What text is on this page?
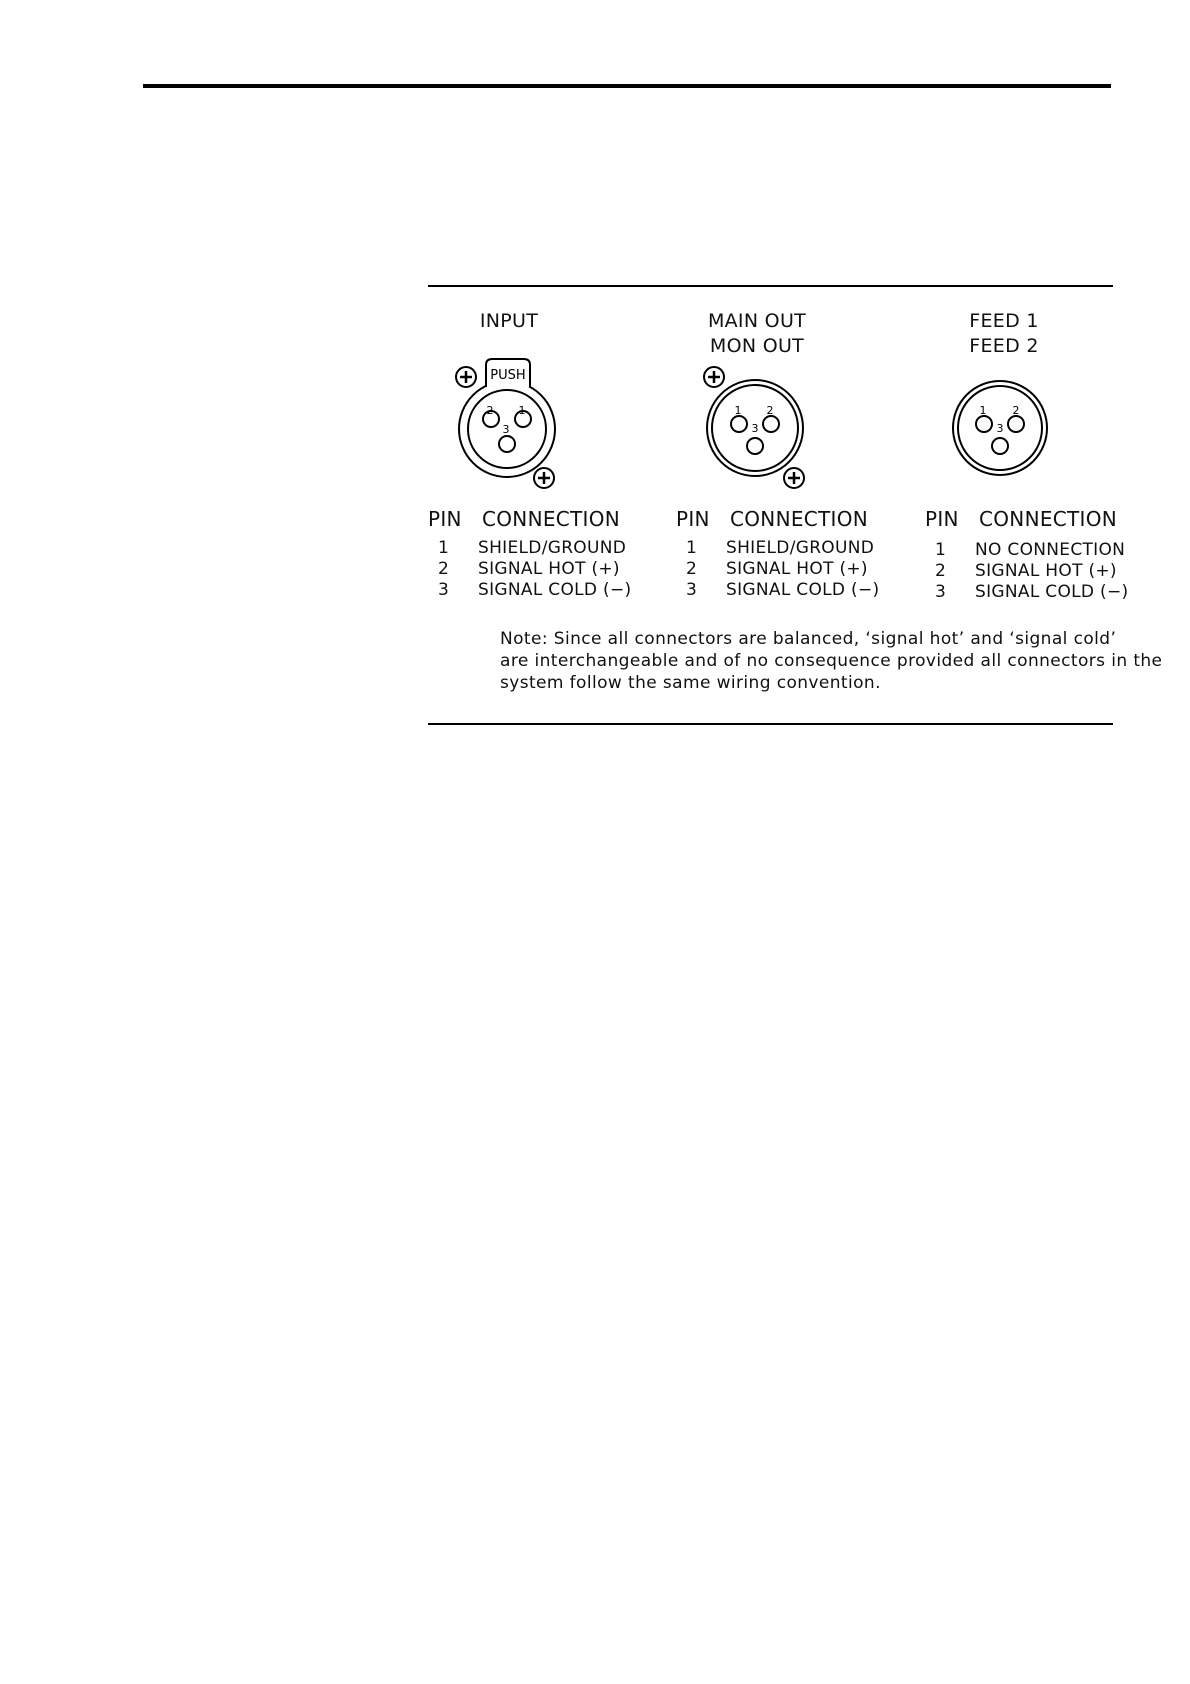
INPUT
PUSH
2 1
3
PIN CONNECTION
1 SHIELD/GROUND
2 SIGNAL HOT (+)
3 SIGNAL COLD (−)
MAIN OUT
MON OUT
1 2
3
PIN CONNECTION
1 SHIELD/GROUND
2 SIGNAL HOT (+)
3 SIGNAL COLD (−)
FEED 1
FEED 2
1 2
3
PIN CONNECTION
1 NO CONNECTION
2 SIGNAL HOT (+)
3 SIGNAL COLD (−)
Note: Since all connectors are balanced, ‘signal hot’ and ‘signal cold’
are interchangeable and of no consequence provided all connectors in the
system follow the same wiring convention.
